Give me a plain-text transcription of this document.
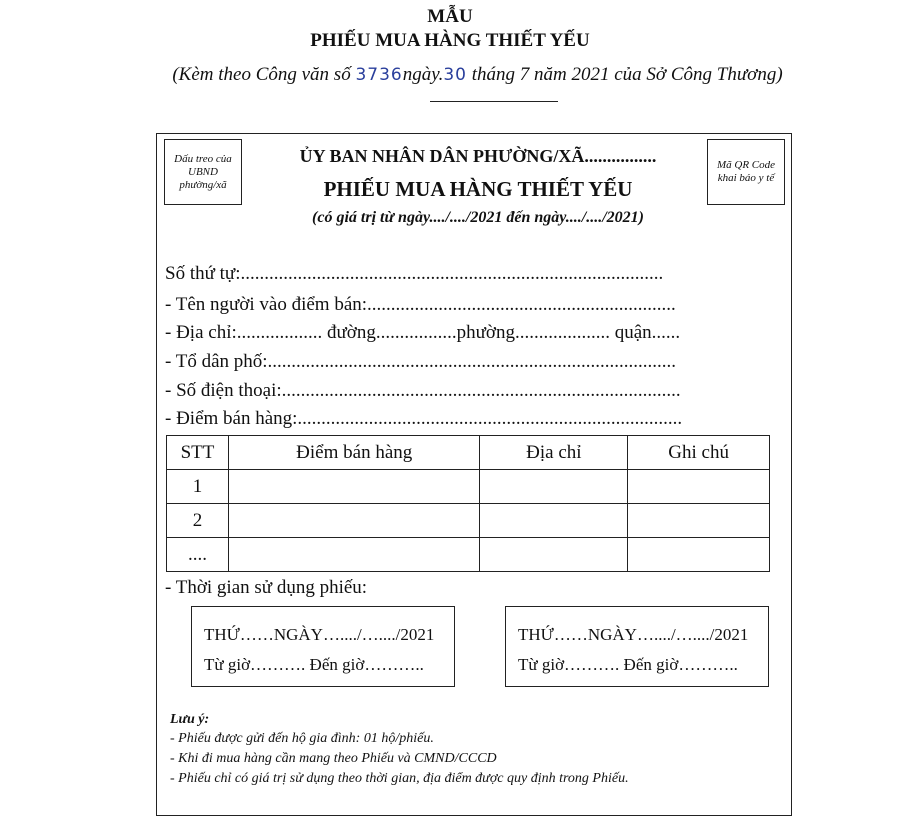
MẪU
PHIẾU MUA HÀNG THIẾT YẾU
(Kèm theo Công văn số 3736ngày.30 tháng 7 năm 2021 của Sở Công Thương)
Dấu treo của UBND phường/xã
Mã QR Code khai báo y tế
ỦY BAN NHÂN DÂN PHƯỜNG/XÃ................
PHIẾU MUA HÀNG THIẾT YẾU
(có giá trị từ ngày..../..../2021 đến ngày..../..../2021)
Số thứ tự:.........................................................................................
- Tên người vào điểm bán:.................................................................
- Địa chỉ:.................. đường.................phường.................... quận......
- Tổ dân phố:......................................................................................
- Số điện thoại:....................................................................................
- Điểm bán hàng:.................................................................................
STT	Điểm bán hàng	Địa chỉ	Ghi chú
1			
2			
....			
- Thời gian sử dụng phiếu:
THỨ……NGÀY…..../…..../2021
Từ giờ………. Đến giờ………..
THỨ……NGÀY…..../…..../2021
Từ giờ………. Đến giờ………..
Lưu ý:
- Phiếu được gửi đến hộ gia đình: 01 hộ/phiếu.
- Khi đi mua hàng cần mang theo Phiếu và CMND/CCCD
- Phiếu chỉ có giá trị sử dụng theo thời gian, địa điểm được quy định trong Phiếu.
